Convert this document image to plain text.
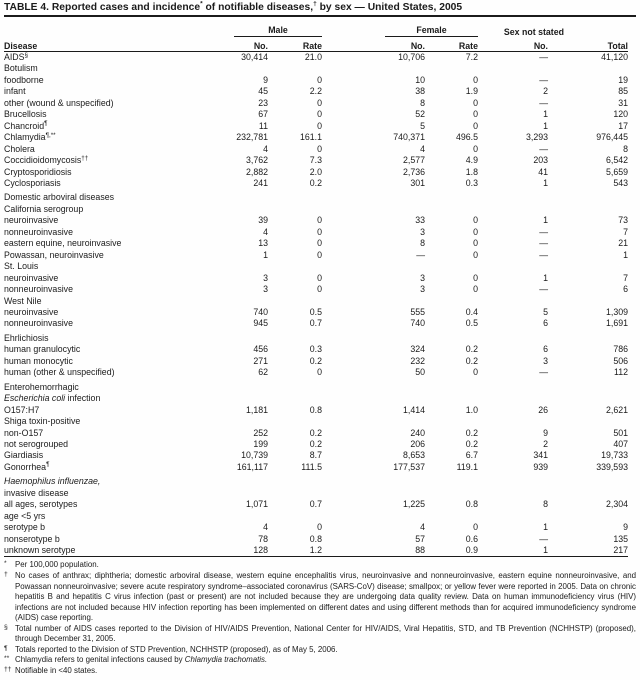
TABLE 4. Reported cases and incidence* of notifiable diseases,† by sex — United States, 2005
	Male		Female		Sex not stated	
Disease	No.	Rate	No.	Rate	No.	Total
AIDS§	30,414	21.0	10,706	7.2	—	41,120
Botulism						
foodborne	9	0	10	0	—	19
infant	45	2.2	38	1.9	2	85
other (wound & unspecified)	23	0	8	0	—	31
Brucellosis	67	0	52	0	1	120
Chancroid¶	11	0	5	0	1	17
Chlamydia¶,**	232,781	161.1	740,371	496.5	3,293	976,445
Cholera	4	0	4	0	—	8
Coccidioidomycosis††	3,762	7.3	2,577	4.9	203	6,542
Cryptosporidiosis	2,882	2.0	2,736	1.8	41	5,659
Cyclosporiasis	241	0.2	301	0.3	1	543
Domestic arboviral diseases						
California serogroup						
neuroinvasive	39	0	33	0	1	73
nonneuroinvasive	4	0	3	0	—	7
eastern equine, neuroinvasive	13	0	8	0	—	21
Powassan, neuroinvasive	1	0	—	0	—	1
St. Louis						
neuroinvasive	3	0	3	0	1	7
nonneuroinvasive	3	0	3	0	—	6
West Nile						
neuroinvasive	740	0.5	555	0.4	5	1,309
nonneuroinvasive	945	0.7	740	0.5	6	1,691
Ehrlichiosis						
human granulocytic	456	0.3	324	0.2	6	786
human monocytic	271	0.2	232	0.2	3	506
human (other & unspecified)	62	0	50	0	—	112
Enterohemorrhagic						
Escherichia coli infection						
O157:H7	1,181	0.8	1,414	1.0	26	2,621
Shiga toxin-positive						
non-O157	252	0.2	240	0.2	9	501
not serogrouped	199	0.2	206	0.2	2	407
Giardiasis	10,739	8.7	8,653	6.7	341	19,733
Gonorrhea¶	161,117	111.5	177,537	119.1	939	339,593
Haemophilus influenzae,						
invasive disease						
all ages, serotypes	1,071	0.7	1,225	0.8	8	2,304
age <5 yrs						
serotype b	4	0	4	0	1	9
nonserotype b	78	0.8	57	0.6	—	135
unknown serotype	128	1.2	88	0.9	1	217
* Per 100,000 population.
† No cases of anthrax; diphtheria; domestic arboviral disease, western equine encephalitis virus, neuroinvasive and nonneuroinvasive, eastern equine nonneuroinvasive, and Powassan nonneuroinvasive; severe acute respiratory syndrome–associated coronavirus (SARS-CoV) disease; smallpox; or yellow fever were reported in 2005. Data on chronic hepatitis B and hepatitis C virus infection (past or present) are not included because they are undergoing data quality review. Data on human immunodeficiency virus (HIV) infections are not included because HIV infection reporting has been implemented on different dates and using different methods than for acquired immunodeficiency syndrome (AIDS) case reporting.
§ Total number of AIDS cases reported to the Division of HIV/AIDS Prevention, National Center for HIV/AIDS, Viral Hepatitis, STD, and TB Prevention (NCHHSTP) (proposed), through December 31, 2005.
¶ Totals reported to the Division of STD Prevention, NCHHSTP (proposed), as of May 5, 2006.
** Chlamydia refers to genital infections caused by Chlamydia trachomatis.
†† Notifiable in <40 states.
